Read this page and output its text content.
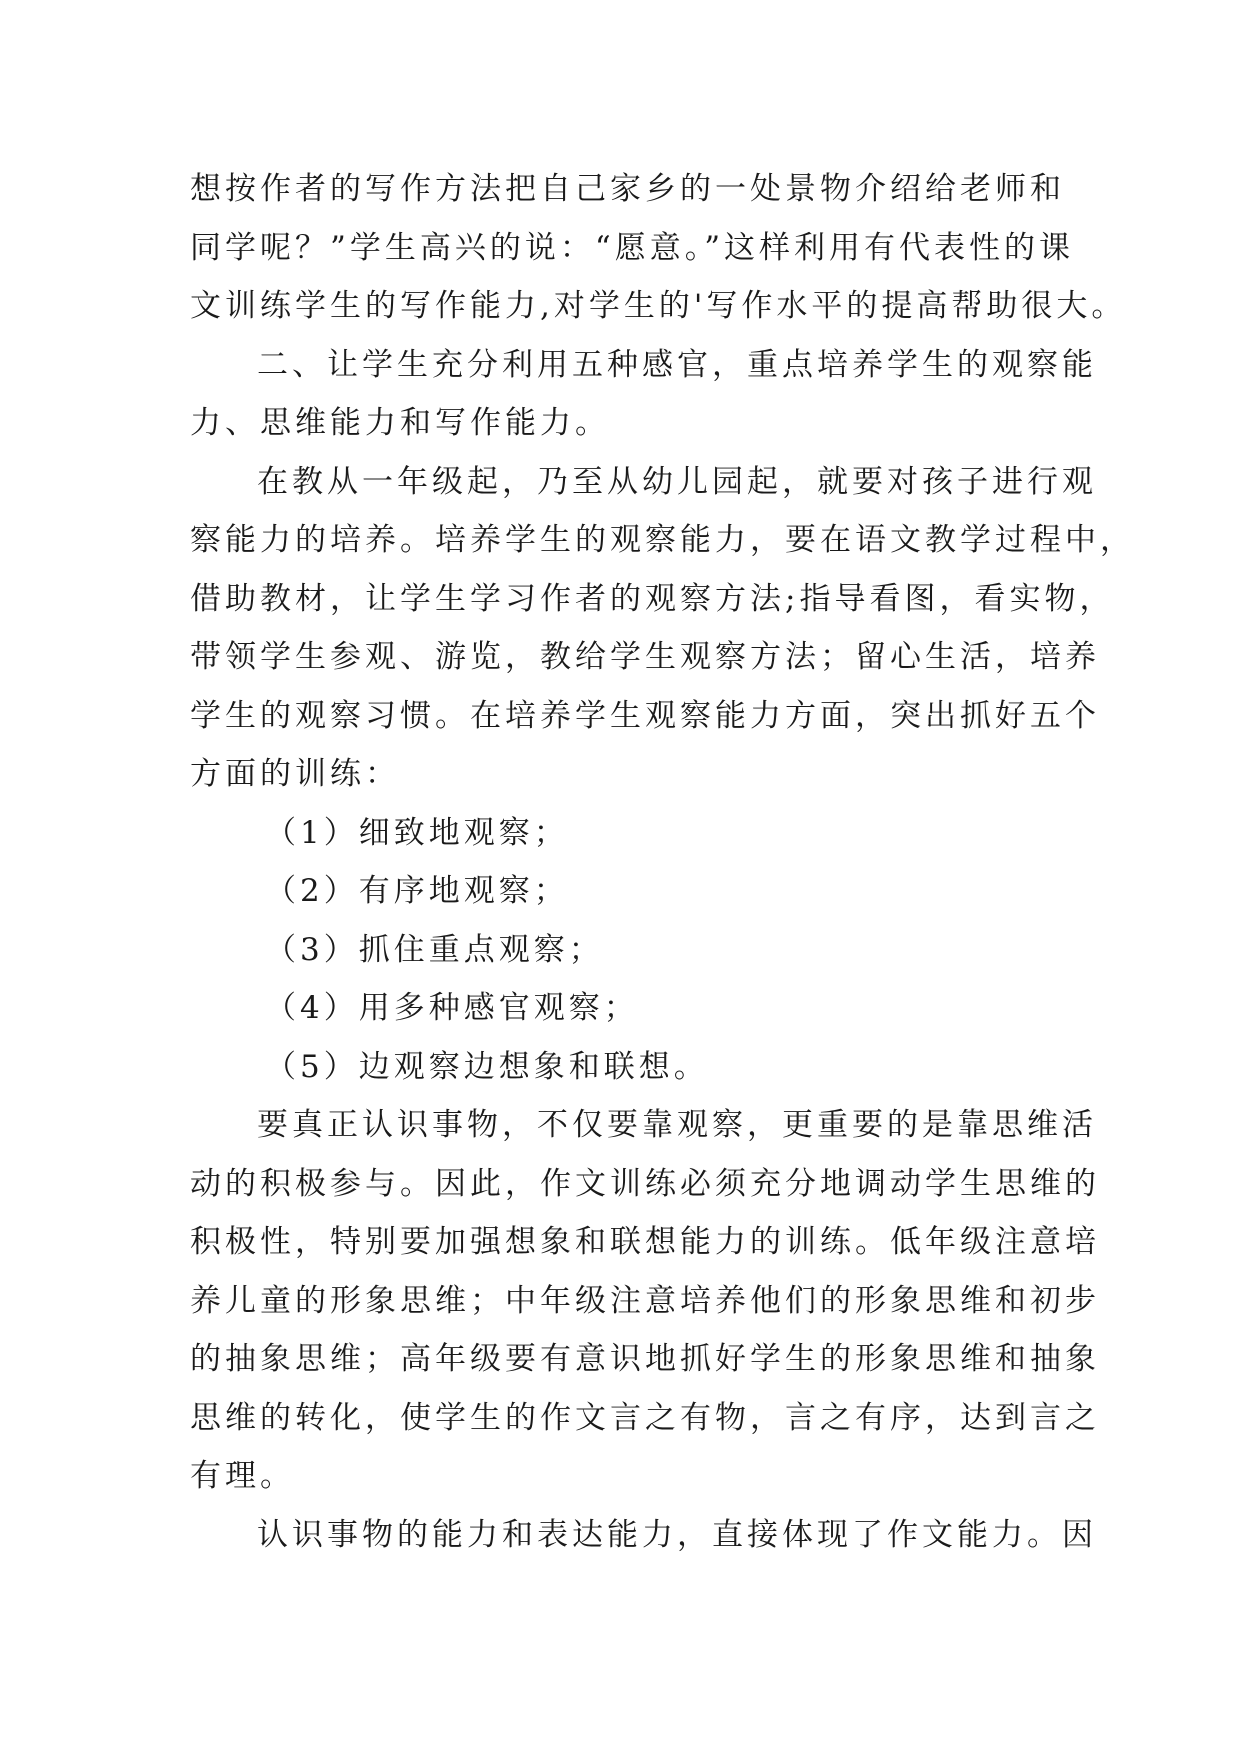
想按作者的写作方法把自己家乡的一处景物介绍给老师和
同学呢？”学生高兴的说：“愿意。”这样利用有代表性的课
文训练学生的写作能力,对学生的'写作水平的提高帮助很大。
二、让学生充分利用五种感官，重点培养学生的观察能
力、思维能力和写作能力。
在教从一年级起，乃至从幼儿园起，就要对孩子进行观
察能力的培养。培养学生的观察能力，要在语文教学过程中，
借助教材，让学生学习作者的观察方法;指导看图，看实物，
带领学生参观、游览，教给学生观察方法；留心生活，培养
学生的观察习惯。在培养学生观察能力方面，突出抓好五个
方面的训练：
（1）细致地观察；
（2）有序地观察；
（3）抓住重点观察；
（4）用多种感官观察；
（5）边观察边想象和联想。
要真正认识事物，不仅要靠观察，更重要的是靠思维活
动的积极参与。因此，作文训练必须充分地调动学生思维的
积极性，特别要加强想象和联想能力的训练。低年级注意培
养儿童的形象思维；中年级注意培养他们的形象思维和初步
的抽象思维；高年级要有意识地抓好学生的形象思维和抽象
思维的转化，使学生的作文言之有物，言之有序，达到言之
有理。
认识事物的能力和表达能力，直接体现了作文能力。因
